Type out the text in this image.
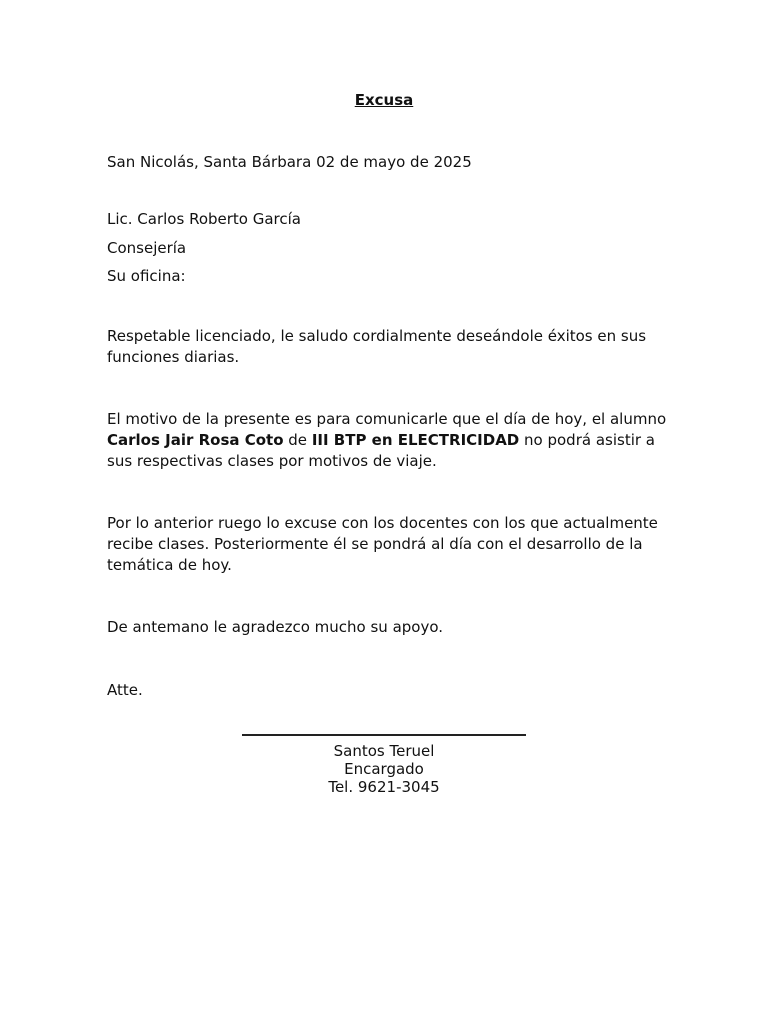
Excusa
San Nicolás, Santa Bárbara 02 de mayo de 2025
Lic. Carlos Roberto García
Consejería
Su oficina:
Respetable licenciado, le saludo cordialmente deseándole éxitos en sus funciones diarias.
El motivo de la presente es para comunicarle que el día de hoy, el alumno Carlos Jair Rosa Coto de III BTP en ELECTRICIDAD no podrá asistir a sus respectivas clases por motivos de viaje.
Por lo anterior ruego lo excuse con los docentes con los que actualmente recibe clases. Posteriormente él se pondrá al día con el desarrollo de la temática de hoy.
De antemano le agradezco mucho su apoyo.
Atte.
Santos Teruel
Encargado
Tel. 9621-3045
